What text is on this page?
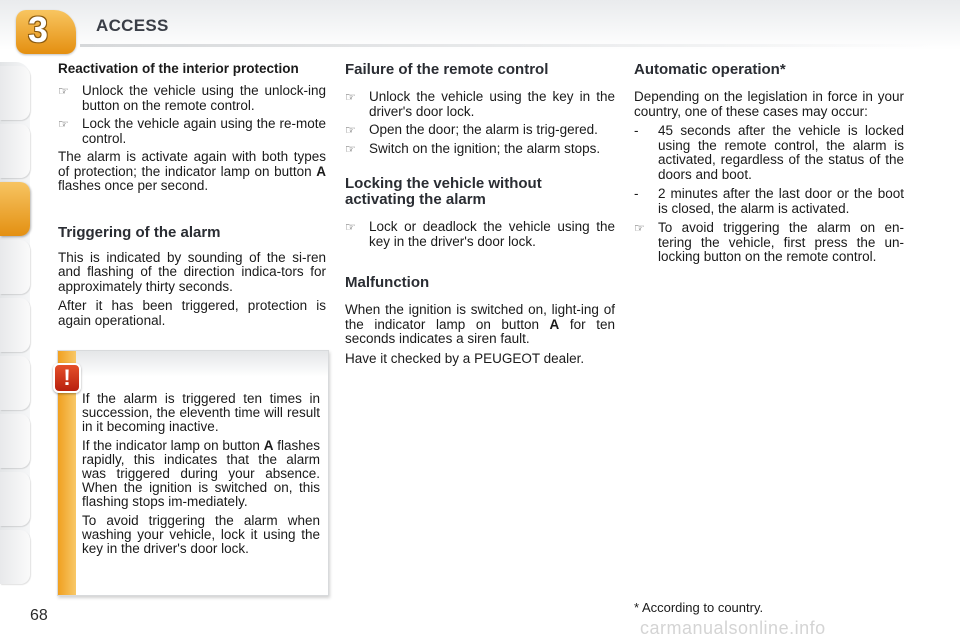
3	ACCESS
Reactivation of the interior protection
☞ Unlock the vehicle using the unlock-ing button on the remote control.
☞ Lock the vehicle again using the re-mote control.

The alarm is activate again with both types of protection; the indicator lamp on button A flashes once per second.

Triggering of the alarm

This is indicated by sounding of the si-ren and flashing of the direction indica-tors for approximately thirty seconds.

After it has been triggered, protection is again operational.

!

If the alarm is triggered ten times in succession, the eleventh time will result in it becoming inactive.

If the indicator lamp on button A flashes rapidly, this indicates that the alarm was triggered during your absence. When the ignition is switched on, this flashing stops im-mediately.

To avoid triggering the alarm when washing your vehicle, lock it using the key in the driver's door lock.

Failure of the remote control
☞ Unlock the vehicle using the key in the driver's door lock.
☞ Open the door; the alarm is trig-gered.
☞ Switch on the ignition; the alarm stops.
Locking the vehicle without activating the alarm
☞ Lock or deadlock the vehicle using the key in the driver's door lock.
Malfunction

When the ignition is switched on, light-ing of the indicator lamp on button A for ten seconds indicates a siren fault.

Have it checked by a PEUGEOT dealer.

Automatic operation*

Depending on the legislation in force in your country, one of these cases may occur:

- 45 seconds after the vehicle is locked using the remote control, the alarm is activated, regardless of the status of the doors and boot.
- 2 minutes after the last door or the boot is closed, the alarm is activated.
☞ To avoid triggering the alarm on en-tering the vehicle, first press the un-locking button on the remote control.
* According to country.
68
carmanualsonline.info
